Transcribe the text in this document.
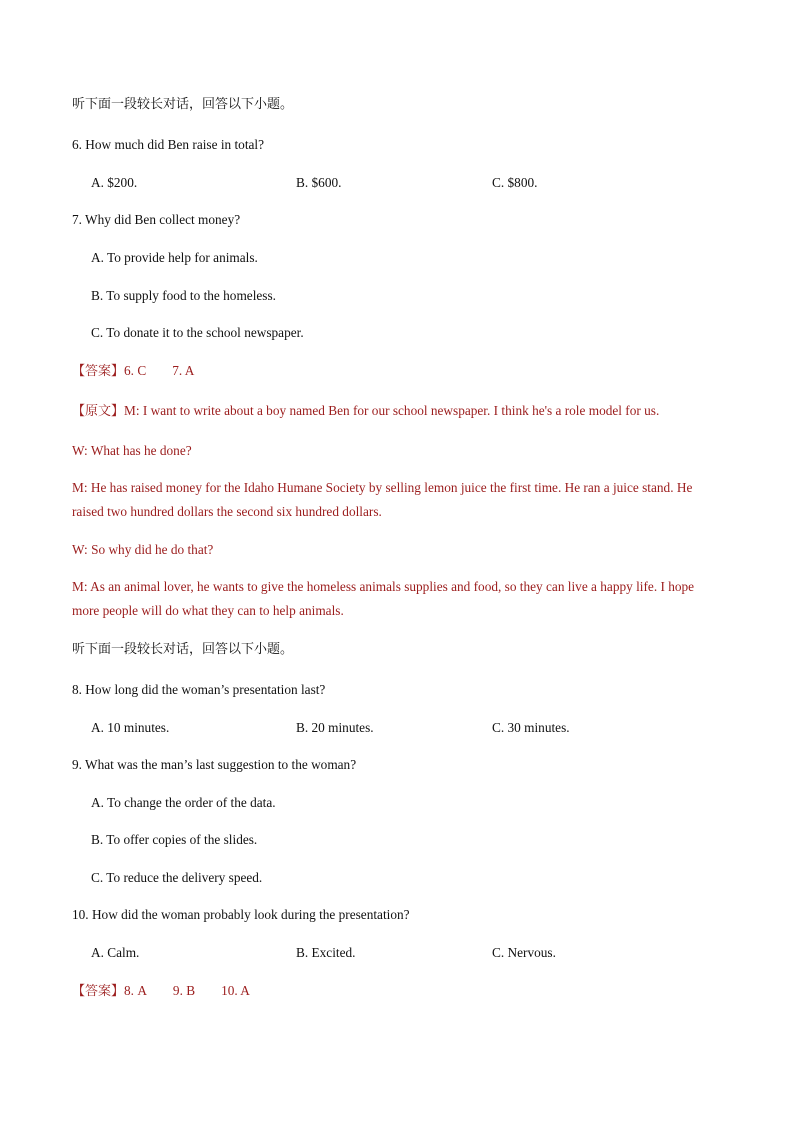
听下面一段较长对话，回答以下小题。
6. How much did Ben raise in total?
A. $200.	B. $600.	C. $800.
7. Why did Ben collect money?
A. To provide help for animals.
B. To supply food to the homeless.
C. To donate it to the school newspaper.
【答案】6. C 7. A
【原文】M: I want to write about a boy named Ben for our school newspaper. I think he's a role model for us.
W: What has he done?
M: He has raised money for the Idaho Humane Society by selling lemon juice the first time. He ran a juice stand. He raised two hundred dollars the second six hundred dollars.
W: So why did he do that?
M: As an animal lover, he wants to give the homeless animals supplies and food, so they can live a happy life. I hope more people will do what they can to help animals.
听下面一段较长对话，回答以下小题。
8. How long did the woman’s presentation last?
A. 10 minutes.	B. 20 minutes.	C. 30 minutes.
9. What was the man’s last suggestion to the woman?
A. To change the order of the data.
B. To offer copies of the slides.
C. To reduce the delivery speed.
10. How did the woman probably look during the presentation?
A. Calm.	B. Excited.	C. Nervous.
【答案】8. A 9. B 10. A
